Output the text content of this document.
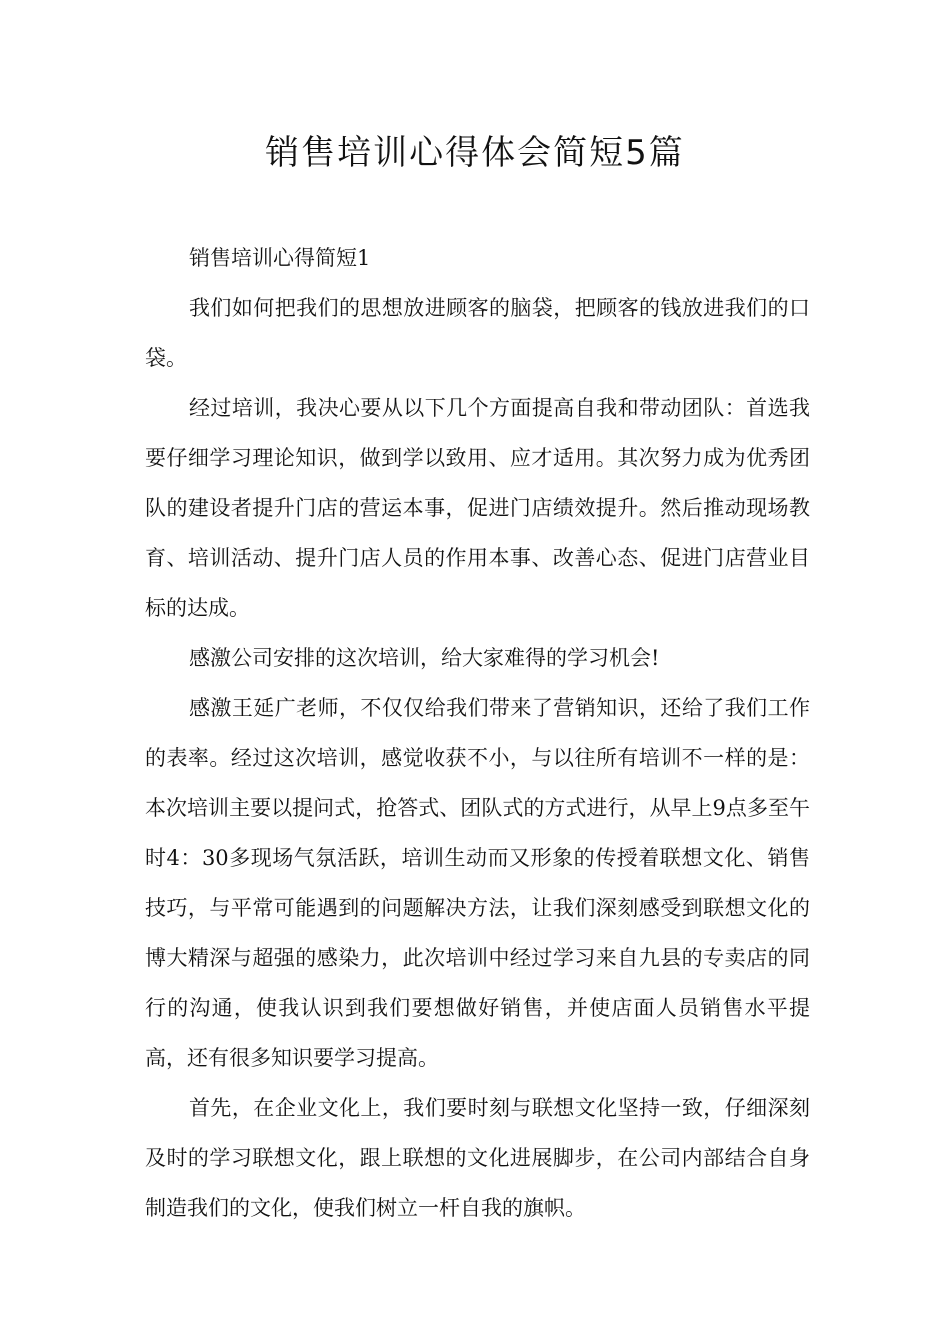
销售培训心得体会简短5篇

销售培训心得简短1

我们如何把我们的思想放进顾客的脑袋，把顾客的钱放进我们的口袋。

经过培训，我决心要从以下几个方面提高自我和带动团队：首选我要仔细学习理论知识，做到学以致用、应才适用。其次努力成为优秀团队的建设者提升门店的营运本事，促进门店绩效提升。然后推动现场教育、培训活动、提升门店人员的作用本事、改善心态、促进门店营业目标的达成。

感激公司安排的这次培训，给大家难得的学习机会!

感激王延广老师，不仅仅给我们带来了营销知识，还给了我们工作的表率。经过这次培训，感觉收获不小，与以往所有培训不一样的是：本次培训主要以提问式，抢答式、团队式的方式进行，从早上9点多至午时4：30多现场气氛活跃，培训生动而又形象的传授着联想文化、销售技巧，与平常可能遇到的问题解决方法，让我们深刻感受到联想文化的博大精深与超强的感染力，此次培训中经过学习来自九县的专卖店的同行的沟通，使我认识到我们要想做好销售，并使店面人员销售水平提高，还有很多知识要学习提高。

首先，在企业文化上，我们要时刻与联想文化坚持一致，仔细深刻及时的学习联想文化，跟上联想的文化进展脚步，在公司内部结合自身制造我们的文化，使我们树立一杆自我的旗帜。
